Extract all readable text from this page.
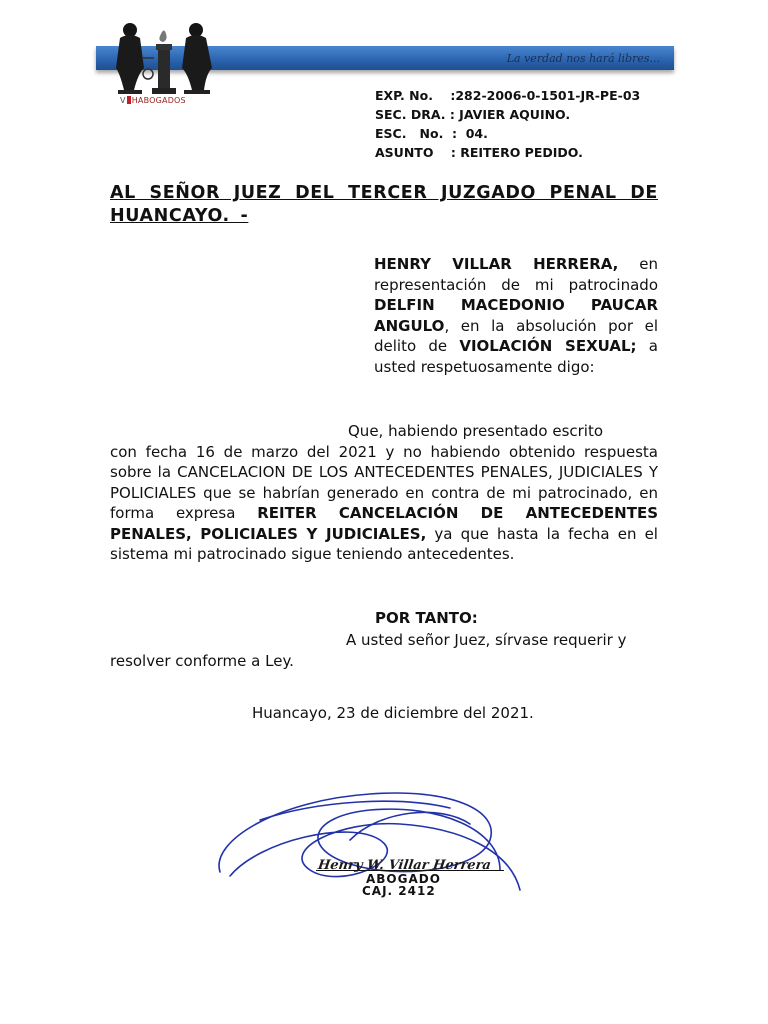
La verdad nos hará libres...
V HABOGADOS	EXP. No.    :282-2006-0-1501-JR-PE-03
SEC. DRA. : JAVIER AQUINO.
ESC.   No.  :  04.
ASUNTO    : REITERO PEDIDO.
AL SEÑOR JUEZ DEL TERCER JUZGADO PENAL DE HUANCAYO. -
HENRY VILLAR HERRERA, en representación de mi patrocinado DELFIN MACEDONIO PAUCAR ANGULO, en la absolución por el delito de VIOLACIÓN SEXUAL; a usted respetuosamente digo:
Que, habiendo presentado escrito
con fecha 16 de marzo del 2021 y no habiendo obtenido respuesta sobre la CANCELACION DE LOS ANTECEDENTES PENALES, JUDICIALES Y POLICIALES que se habrían generado en contra de mi patrocinado, en forma expresa REITER CANCELACIÓN DE ANTECEDENTES PENALES, POLICIALES Y JUDICIALES, ya que hasta la fecha en el sistema mi patrocinado sigue teniendo antecedentes.
POR TANTO:
A usted señor Juez, sírvase requerir y
resolver conforme a Ley.
Huancayo, 23 de diciembre del 2021.
Henry W. Villar Herrera
ABOGADO
CAJ. 2412
